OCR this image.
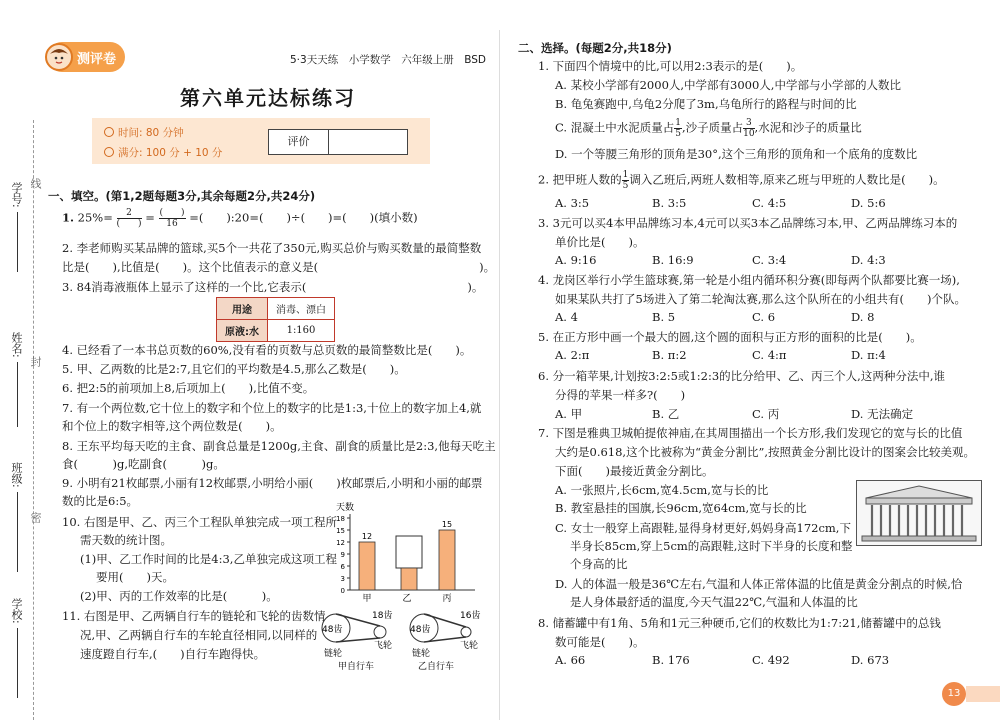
学号: 线
姓名:
封
班级:
密
学校:
测评卷	5·3天天练　小学数学　六年级上册　BSD
第六单元达标练习
时间: 80 分钟
满分: 100 分 + 10 分
评价
一、填空。(第1,2题每题3分,其余每题2分,共24分)
1. $25\%= \frac{2}{( )} = \frac{( )}{16}$ =(　　):20=(　　)÷(　　)=(　　)(填小数)
2. 李老师购买某品牌的篮球,买5个一共花了350元,购买总价与购买数量的最简整数
比是(　　),比值是(　　)。这个比值表示的意义是(　　　　　　　　　　　　　　)。
3. 84消毒液瓶体上显示了这样的一个比,它表示(　　　　　　　　　　　　　　)。
用途	消毒、漂白
原液:水	1:160
4. 已经看了一本书总页数的60%,没有看的页数与总页数的最简整数比是(　　)。
5. 甲、乙两数的比是2:7,且它们的平均数是4.5,那么乙数是(　　)。
6. 把2:5的前项加上8,后项加上(　　),比值不变。
7. 有一个两位数,它十位上的数字和个位上的数字的比是1:3,十位上的数字加上4,就
和个位上的数字相等,这个两位数是(　　)。
8. 王东平均每天吃的主食、副食总量是1200g,主食、副食的质量比是2:3,他每天吃主
食(　　　)g,吃副食(　　　)g。
9. 小明有21枚邮票,小丽有12枚邮票,小明给小丽(　　)枚邮票后,小明和小丽的邮票
数的比是6:5。
10. 右图是甲、乙、丙三个工程队单独完成一项工程所
需天数的统计图。
(1)甲、乙工作时间的比是4:3,乙单独完成这项工程
要用(　　)天。
(2)甲、丙的工作效率的比是(　　　)。
11. 右图是甲、乙两辆自行车的链轮和飞轮的齿数情
况,甲、乙两辆自行车的车轮直径相同,以同样的
速度蹬自行车,(　　)自行车跑得快。
天数
0
3
6
9
12
15
18
12
甲	乙
15
丙
48齿
18齿
链轮
飞轮
甲自行车
48齿
16齿
链轮
飞轮
乙自行车
二、选择。(每题2分,共18分)
1. 下面四个情境中的比,可以用2:3表示的是(　　)。
A. 某校小学部有2000人,中学部有3000人,中学部与小学部的人数比
B. 龟兔赛跑中,乌龟2分爬了3m,乌龟所行的路程与时间的比
C. 混凝土中水泥质量占 $\frac{1}{5}$ ,沙子质量占 $\frac{3}{10}$ ,水泥和沙子的质量比
D. 一个等腰三角形的顶角是30°,这个三角形的顶角和一个底角的度数比
2. 把甲班人数的 $\frac{1}{5}$ 调入乙班后,两班人数相等,原来乙班与甲班的人数比是(　　)。
A. 3:5	B. 3:5	C. 4:5	D. 5:6
3. 3元可以买4本甲品牌练习本,4元可以买3本乙品牌练习本,甲、乙两品牌练习本的
单价比是(　　)。
A. 9:16	B. 16:9	C. 3:4	D. 4:3
4. 龙岗区举行小学生篮球赛,第一轮是小组内循环积分赛(即每两个队都要比赛一场),
如果某队共打了5场进入了第二轮淘汰赛,那么这个队所在的小组共有(　　)个队。
A. 4	B. 5	C. 6	D. 8
5. 在正方形中画一个最大的圆,这个圆的面积与正方形的面积的比是(　　)。
A. 2:π	B. π:2	C. 4:π	D. π:4
6. 分一箱苹果,计划按3:2:5或1:2:3的比分给甲、乙、丙三个人,这两种分法中,谁
分得的苹果一样多?(　　)
A. 甲	B. 乙	C. 丙	D. 无法确定
7. 下图是雅典卫城帕提侬神庙,在其周围描出一个长方形,我们发现它的宽与长的比值
大约是0.618,这个比被称为“黄金分割比”,按照黄金分割比设计的图案会比较美观。
下面(　　)最接近黄金分割比。
A. 一张照片,长6cm,宽4.5cm,宽与长的比
B. 教室悬挂的国旗,长96cm,宽64cm,宽与长的比
C. 女士一般穿上高跟鞋,显得身材更好,妈妈身高172cm,下
半身长85cm,穿上5cm的高跟鞋,这时下半身的长度和整
个身高的比
D. 人的体温一般是36℃左右,气温和人体正常体温的比值是黄金分割点的时候,恰
是人身体最舒适的温度,今天气温22℃,气温和人体温的比
8. 储蓄罐中有1角、5角和1元三种硬币,它们的枚数比为1:7:21,储蓄罐中的总钱
数可能是(　　)。
A. 66	B. 176	C. 492	D. 673
13
